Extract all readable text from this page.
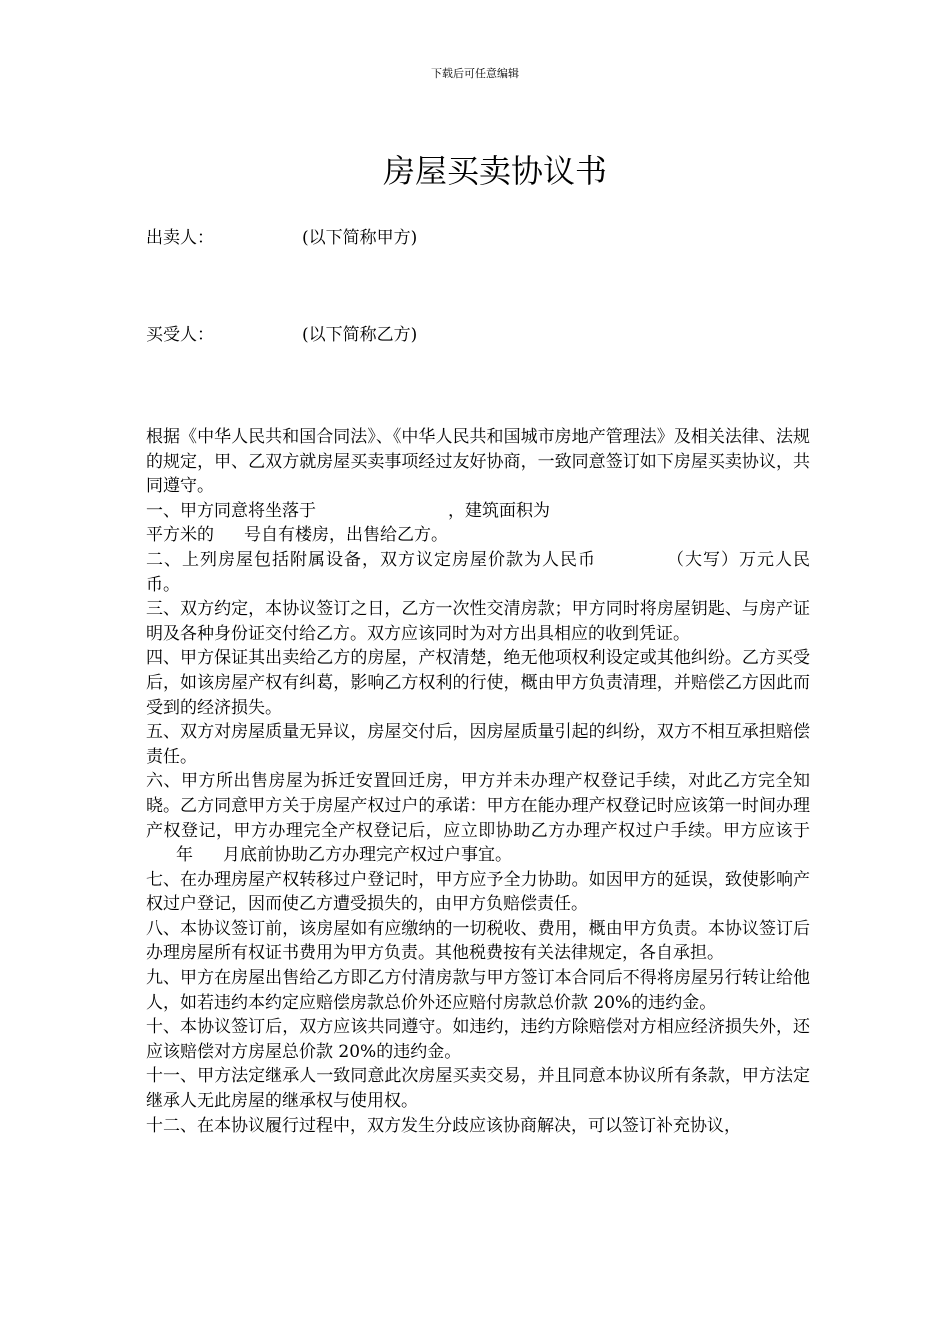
下载后可任意编辑
房屋买卖协议书
出卖人：	(以下简称甲方)
买受人：	(以下简称乙方)

根据《中华人民共和国合同法》、《中华人民共和国城市房地产管理法》及相关法律、法规的规定，甲、乙双方就房屋买卖事项经过友好协商，一致同意签订如下房屋买卖协议，共同遵守。

一、甲方同意将坐落于	，建筑面积为
平方米的 号自有楼房，出售给乙方。

二、上列房屋包括附属设备，双方议定房屋价款为人民币	（大写）万元人民币。

三、双方约定，本协议签订之日，乙方一次性交清房款；甲方同时将房屋钥匙、与房产证明及各种身份证交付给乙方。双方应该同时为对方出具相应的收到凭证。

四、甲方保证其出卖给乙方的房屋，产权清楚，绝无他项权利设定或其他纠纷。乙方买受后，如该房屋产权有纠葛，影响乙方权利的行使，概由甲方负责清理，并赔偿乙方因此而受到的经济损失。

五、双方对房屋质量无异议，房屋交付后，因房屋质量引起的纠纷，双方不相互承担赔偿责任。

六、甲方所出售房屋为拆迁安置回迁房，甲方并未办理产权登记手续，对此乙方完全知晓。乙方同意甲方关于房屋产权过户的承诺：甲方在能办理产权登记时应该第一时间办理产权登记，甲方办理完全产权登记后，应立即协助乙方办理产权过户手续。甲方应该于年 月底前协助乙方办理完产权过户事宜。

七、在办理房屋产权转移过户登记时，甲方应予全力协助。如因甲方的延误，致使影响产权过户登记，因而使乙方遭受损失的，由甲方负赔偿责任。

八、本协议签订前，该房屋如有应缴纳的一切税收、费用，概由甲方负责。本协议签订后办理房屋所有权证书费用为甲方负责。其他税费按有关法律规定，各自承担。

九、甲方在房屋出售给乙方即乙方付清房款与甲方签订本合同后不得将房屋另行转让给他人，如若违约本约定应赔偿房款总价外还应赔付房款总价款 20%的违约金。

十、本协议签订后，双方应该共同遵守。如违约，违约方除赔偿对方相应经济损失外，还应该赔偿对方房屋总价款 20%的违约金。

十一、甲方法定继承人一致同意此次房屋买卖交易，并且同意本协议所有条款，甲方法定继承人无此房屋的继承权与使用权。

十二、在本协议履行过程中，双方发生分歧应该协商解决，可以签订补充协议，
